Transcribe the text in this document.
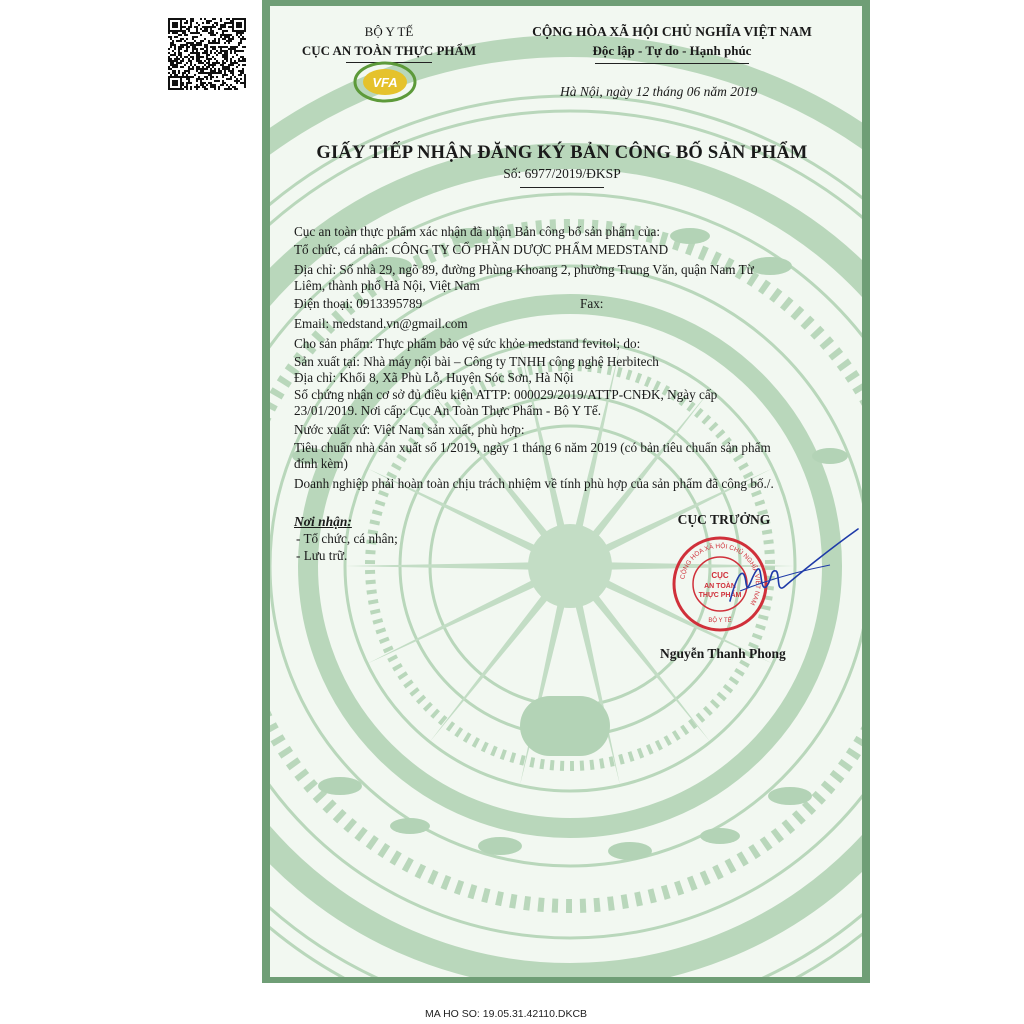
BỘ Y TẾ
CỤC AN TOÀN THỰC PHẨM
VFA
CỘNG HÒA XÃ HỘI CHỦ NGHĨA VIỆT NAM
Độc lập - Tự do - Hạnh phúc
Hà Nội, ngày 12 tháng 06 năm 2019
GIẤY TIẾP NHẬN ĐĂNG KÝ BẢN CÔNG BỐ SẢN PHẨM
Số: 6977/2019/ĐKSP
Cục an toàn thực phẩm xác nhận đã nhận Bản công bố sản phẩm của:
Tổ chức, cá nhân: CÔNG TY CỔ PHẦN DƯỢC PHẨM MEDSTAND
Địa chỉ: Số nhà 29, ngõ 89, đường Phùng Khoang 2, phường Trung Văn, quận Nam Từ
Liêm, thành phố Hà Nội, Việt Nam
Điện thoại: 0913395789	Fax:
Email: medstand.vn@gmail.com
Cho sản phẩm: Thực phẩm bảo vệ sức khỏe medstand fevitol; do:
Sản xuất tại: Nhà máy nội bài – Công ty TNHH công nghệ Herbitech
Địa chỉ: Khối 8, Xã Phù Lỗ, Huyện Sóc Sơn, Hà Nội
Số chứng nhận cơ sở đủ điều kiện ATTP: 000029/2019/ATTP-CNĐK, Ngày cấp
23/01/2019. Nơi cấp: Cục An Toàn Thực Phẩm - Bộ Y Tế.
Nước xuất xứ: Việt Nam sản xuất, phù hợp:
Tiêu chuẩn nhà sản xuất số 1/2019, ngày 1 tháng 6 năm 2019 (có bản tiêu chuẩn sản phẩm
đính kèm)
Doanh nghiệp phải hoàn toàn chịu trách nhiệm về tính phù hợp của sản phẩm đã công bố./.
Nơi nhận:
- Tổ chức, cá nhân;
- Lưu trữ.
CỤC TRƯỞNG
CỘNG HÒA XÃ HỘI CHỦ NGHĨA VIỆT NAM
CỤC
AN TOÀN
THỰC PHẨM
BỘ Y TẾ
Nguyễn Thanh Phong
MA HO SO: 19.05.31.42110.DKCB
